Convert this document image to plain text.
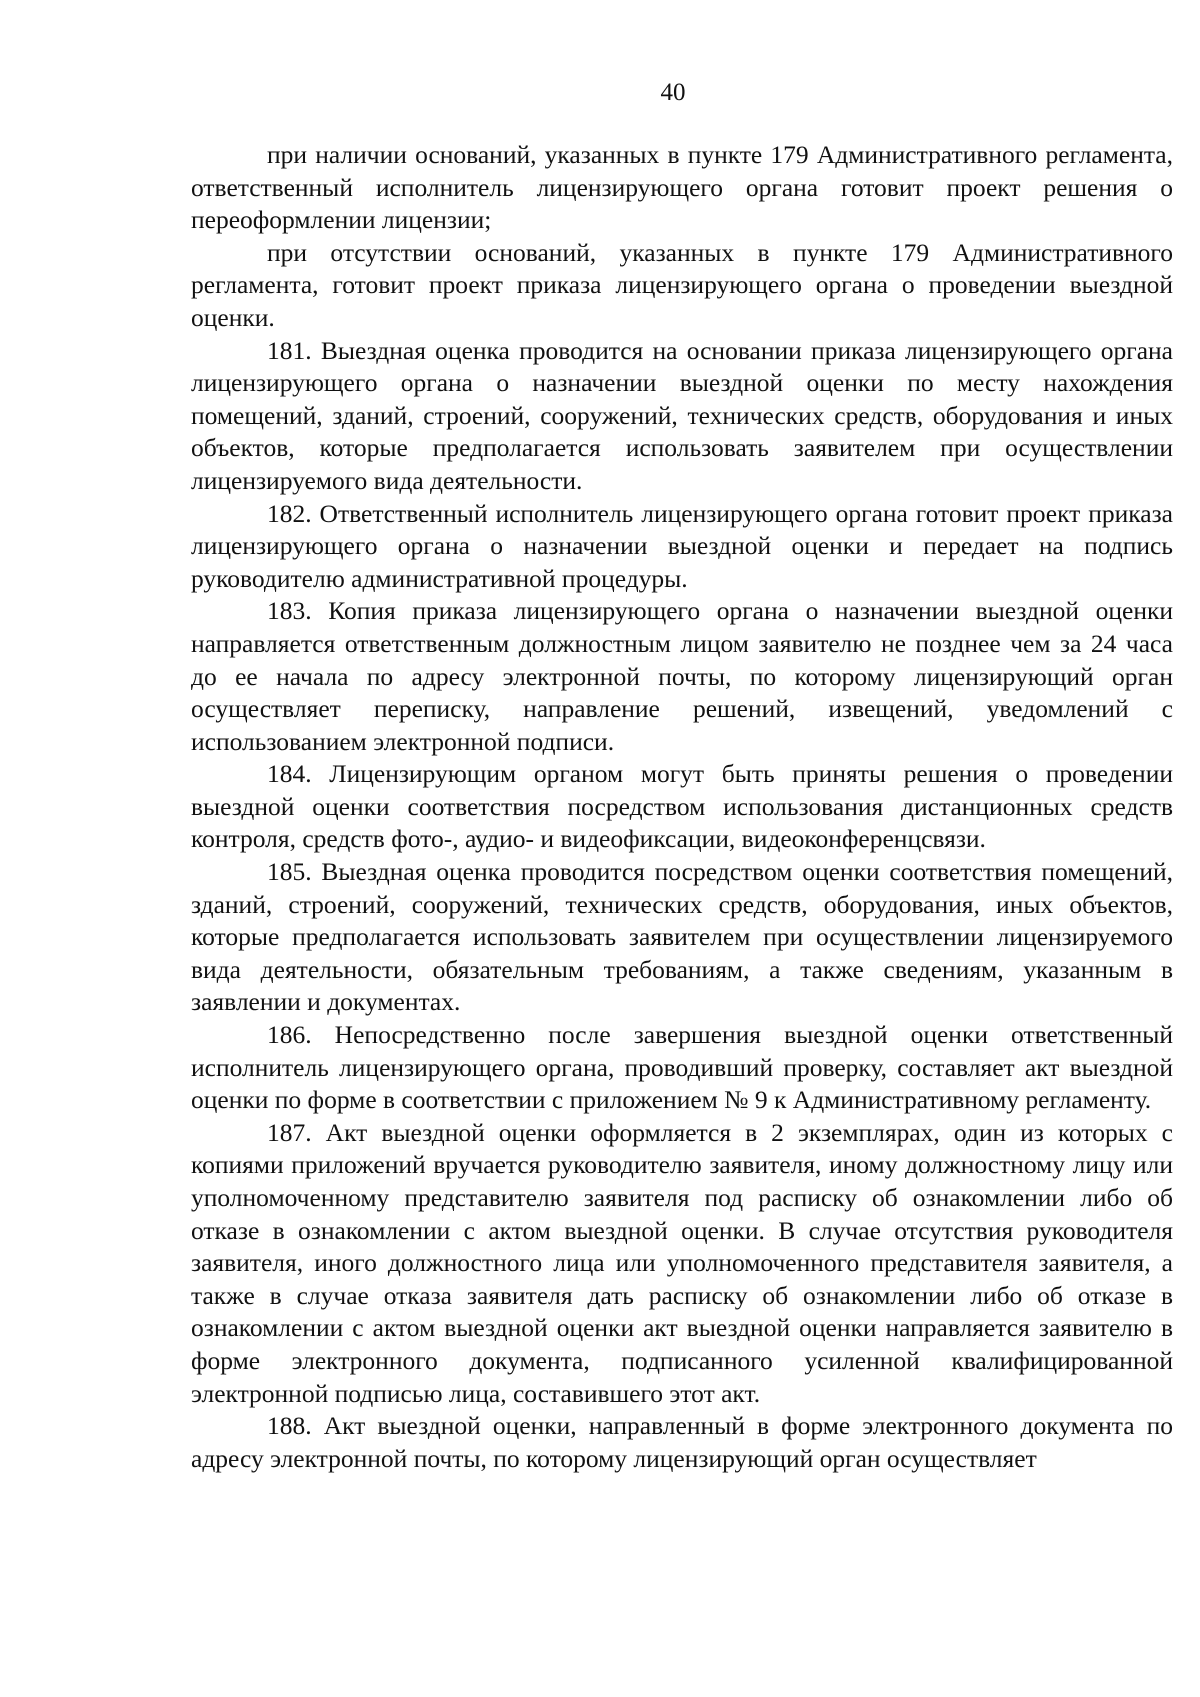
40

при наличии оснований, указанных в пункте 179 Административного регламента, ответственный исполнитель лицензирующего органа готовит проект решения о переоформлении лицензии;

при отсутствии оснований, указанных в пункте 179 Административного регламента, готовит проект приказа лицензирующего органа о проведении выездной оценки.

181. Выездная оценка проводится на основании приказа лицензирующего органа лицензирующего органа о назначении выездной оценки по месту нахождения помещений, зданий, строений, сооружений, технических средств, оборудования и иных объектов, которые предполагается использовать заявителем при осуществлении лицензируемого вида деятельности.

182. Ответственный исполнитель лицензирующего органа готовит проект приказа лицензирующего органа о назначении выездной оценки и передает на подпись руководителю административной процедуры.

183. Копия приказа лицензирующего органа о назначении выездной оценки направляется ответственным должностным лицом заявителю не позднее чем за 24 часа до ее начала по адресу электронной почты, по которому лицензирующий орган осуществляет переписку, направление решений, извещений, уведомлений с использованием электронной подписи.

184. Лицензирующим органом могут быть приняты решения о проведении выездной оценки соответствия посредством использования дистанционных средств контроля, средств фото-, аудио- и видеофиксации, видеоконференцсвязи.

185. Выездная оценка проводится посредством оценки соответствия помещений, зданий, строений, сооружений, технических средств, оборудования, иных объектов, которые предполагается использовать заявителем при осуществлении лицензируемого вида деятельности, обязательным требованиям, а также сведениям, указанным в заявлении и документах.

186. Непосредственно после завершения выездной оценки ответственный исполнитель лицензирующего органа, проводивший проверку, составляет акт выездной оценки по форме в соответствии с приложением № 9 к Административному регламенту.

187. Акт выездной оценки оформляется в 2 экземплярах, один из которых с копиями приложений вручается руководителю заявителя, иному должностному лицу или уполномоченному представителю заявителя под расписку об ознакомлении либо об отказе в ознакомлении с актом выездной оценки. В случае отсутствия руководителя заявителя, иного должностного лица или уполномоченного представителя заявителя, а также в случае отказа заявителя дать расписку об ознакомлении либо об отказе в ознакомлении с актом выездной оценки акт выездной оценки направляется заявителю в форме электронного документа, подписанного усиленной квалифицированной электронной подписью лица, составившего этот акт.

188. Акт выездной оценки, направленный в форме электронного документа по адресу электронной почты, по которому лицензирующий орган осуществляет
